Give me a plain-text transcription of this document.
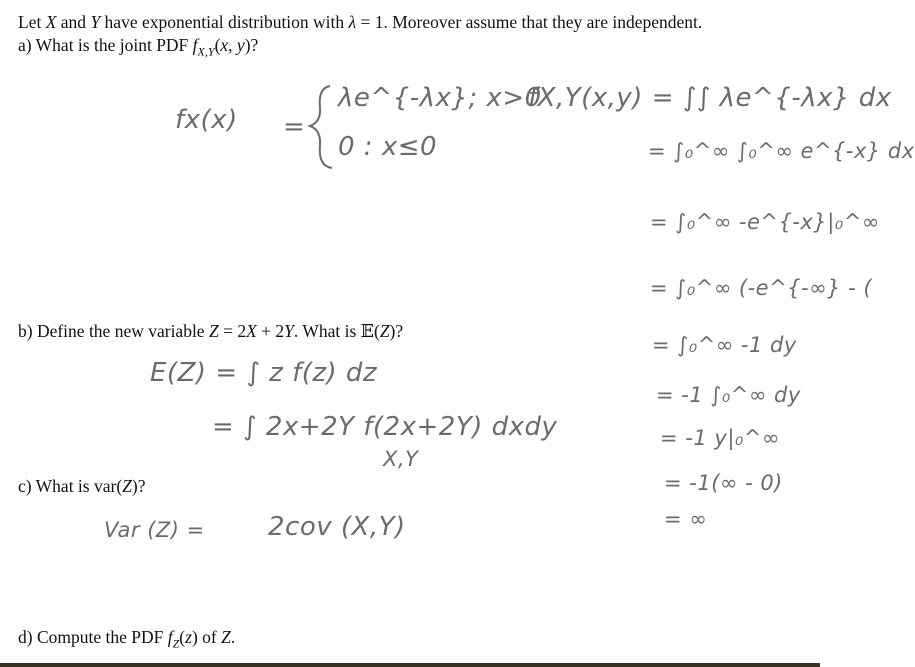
Let X and Y have exponential distribution with λ = 1. Moreover assume that they are independent.
a) What is the joint PDF $f_{X,Y}(x$, y)?
b) Define the new variable Z = 2X + 2Y. What is 𝔼(Z)?
c) What is var(Z)?
d) Compute the PDF $f_Z(z)$ of Z.
fx(x) =
λe^{-λx}; x>0
0 : x≤0
fX,Y(x,y) = ∫∫ λe^{-λx} dx
= ∫₀^∞ ∫₀^∞ e^{-x} dx
= ∫₀^∞ -e^{-x}|₀^∞
= ∫₀^∞ (-e^{-∞} - (
= ∫₀^∞ -1 dy
= -1 ∫₀^∞ dy
= -1 y|₀^∞
= -1(∞ - 0)
= ∞
E(Z) = ∫ z f(z) dz
= ∫ 2x+2Y f(2x+2Y) dxdy
X,Y
Var (Z) = 2cov (X,Y)
